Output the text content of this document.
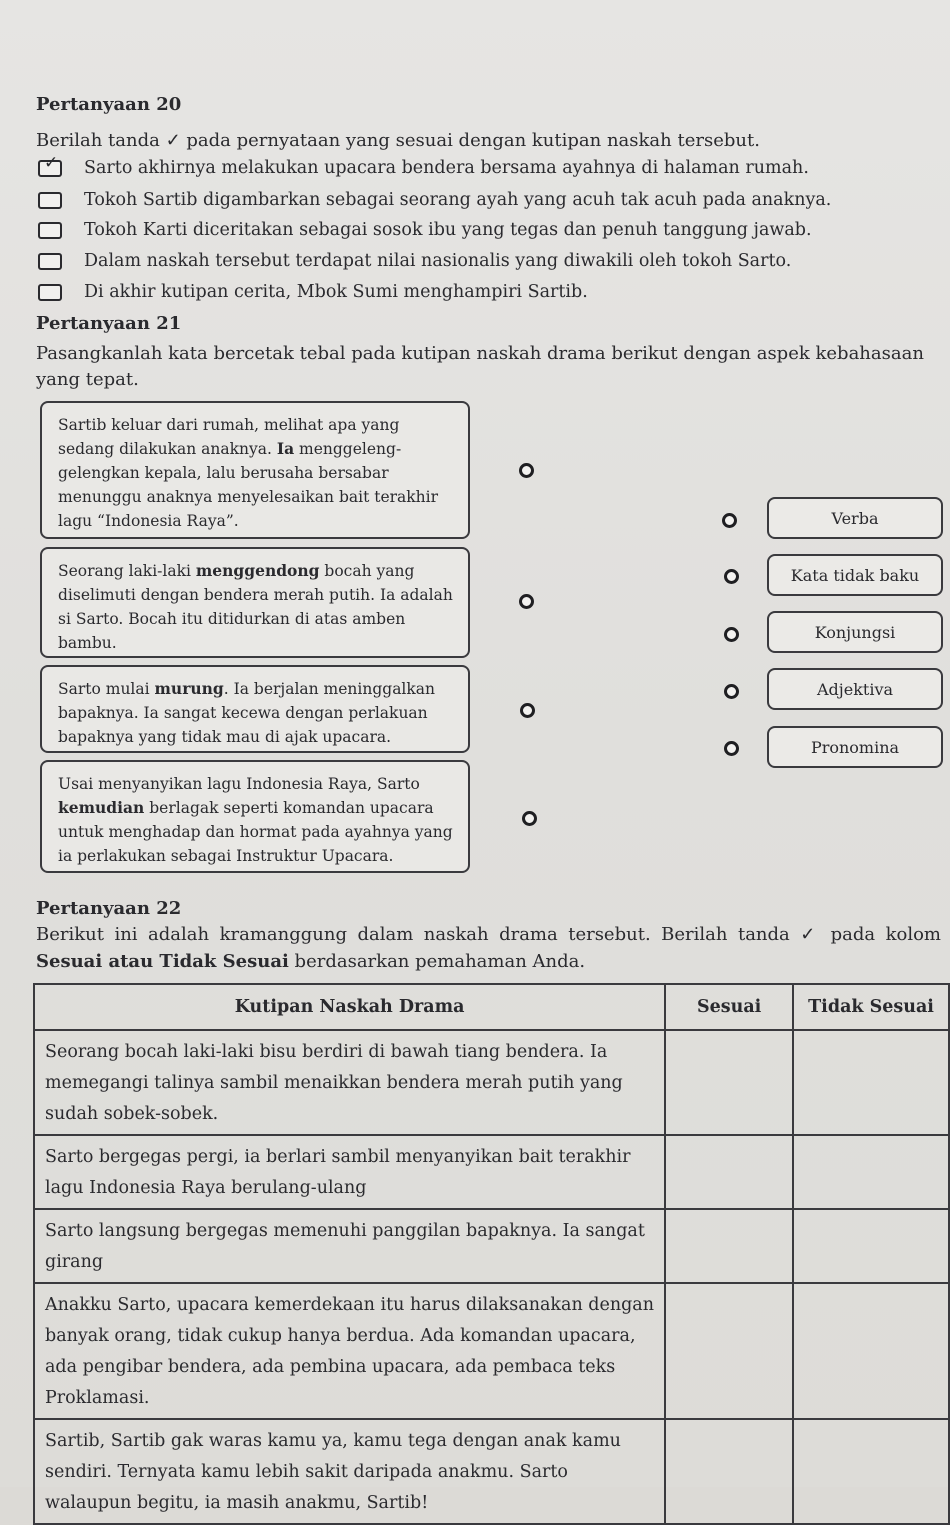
Pertanyaan 20
Berilah tanda ✓ pada pernyataan yang sesuai dengan kutipan naskah tersebut.
✓ Sarto akhirnya melakukan upacara bendera bersama ayahnya di halaman rumah.
Tokoh Sartib digambarkan sebagai seorang ayah yang acuh tak acuh pada anaknya.
Tokoh Karti diceritakan sebagai sosok ibu yang tegas dan penuh tanggung jawab.
Dalam naskah tersebut terdapat nilai nasionalis yang diwakili oleh tokoh Sarto.
Di akhir kutipan cerita, Mbok Sumi menghampiri Sartib.
Pertanyaan 21
Pasangkanlah kata bercetak tebal pada kutipan naskah drama berikut dengan aspek kebahasaan
yang tepat.
Sartib keluar dari rumah, melihat apa yang sedang dilakukan anaknya. Ia menggeleng-gelengkan kepala, lalu berusaha bersabar menunggu anaknya menyelesaikan bait terakhir lagu “Indonesia Raya”.
Seorang laki-laki menggendong bocah yang diselimuti dengan bendera merah putih. Ia adalah si Sarto. Bocah itu ditidurkan di atas amben bambu.
Sarto mulai murung. Ia berjalan meninggalkan bapaknya. Ia sangat kecewa dengan perlakuan bapaknya yang tidak mau di ajak upacara.
Usai menyanyikan lagu Indonesia Raya, Sarto kemudian berlagak seperti komandan upacara untuk menghadap dan hormat pada ayahnya yang ia perlakukan sebagai Instruktur Upacara.
Verba
Kata tidak baku
Konjungsi
Adjektiva
Pronomina
Pertanyaan 22
Berikut ini adalah kramanggung dalam naskah drama tersebut. Berilah tanda ✓ pada kolom
Sesuai atau Tidak Sesuai berdasarkan pemahaman Anda.
Kutipan Naskah Drama	Sesuai	Tidak Sesuai
Seorang bocah laki-laki bisu berdiri di bawah tiang bendera. Ia memegangi talinya sambil menaikkan bendera merah putih yang sudah sobek-sobek.		
Sarto bergegas pergi, ia berlari sambil menyanyikan bait terakhir lagu Indonesia Raya berulang-ulang		
Sarto langsung bergegas memenuhi panggilan bapaknya. Ia sangat girang		
Anakku Sarto, upacara kemerdekaan itu harus dilaksanakan dengan banyak orang, tidak cukup hanya berdua. Ada komandan upacara, ada pengibar bendera, ada pembina upacara, ada pembaca teks Proklamasi.		
Sartib, Sartib gak waras kamu ya, kamu tega dengan anak kamu sendiri. Ternyata kamu lebih sakit daripada anakmu. Sarto walaupun begitu, ia masih anakmu, Sartib!		
